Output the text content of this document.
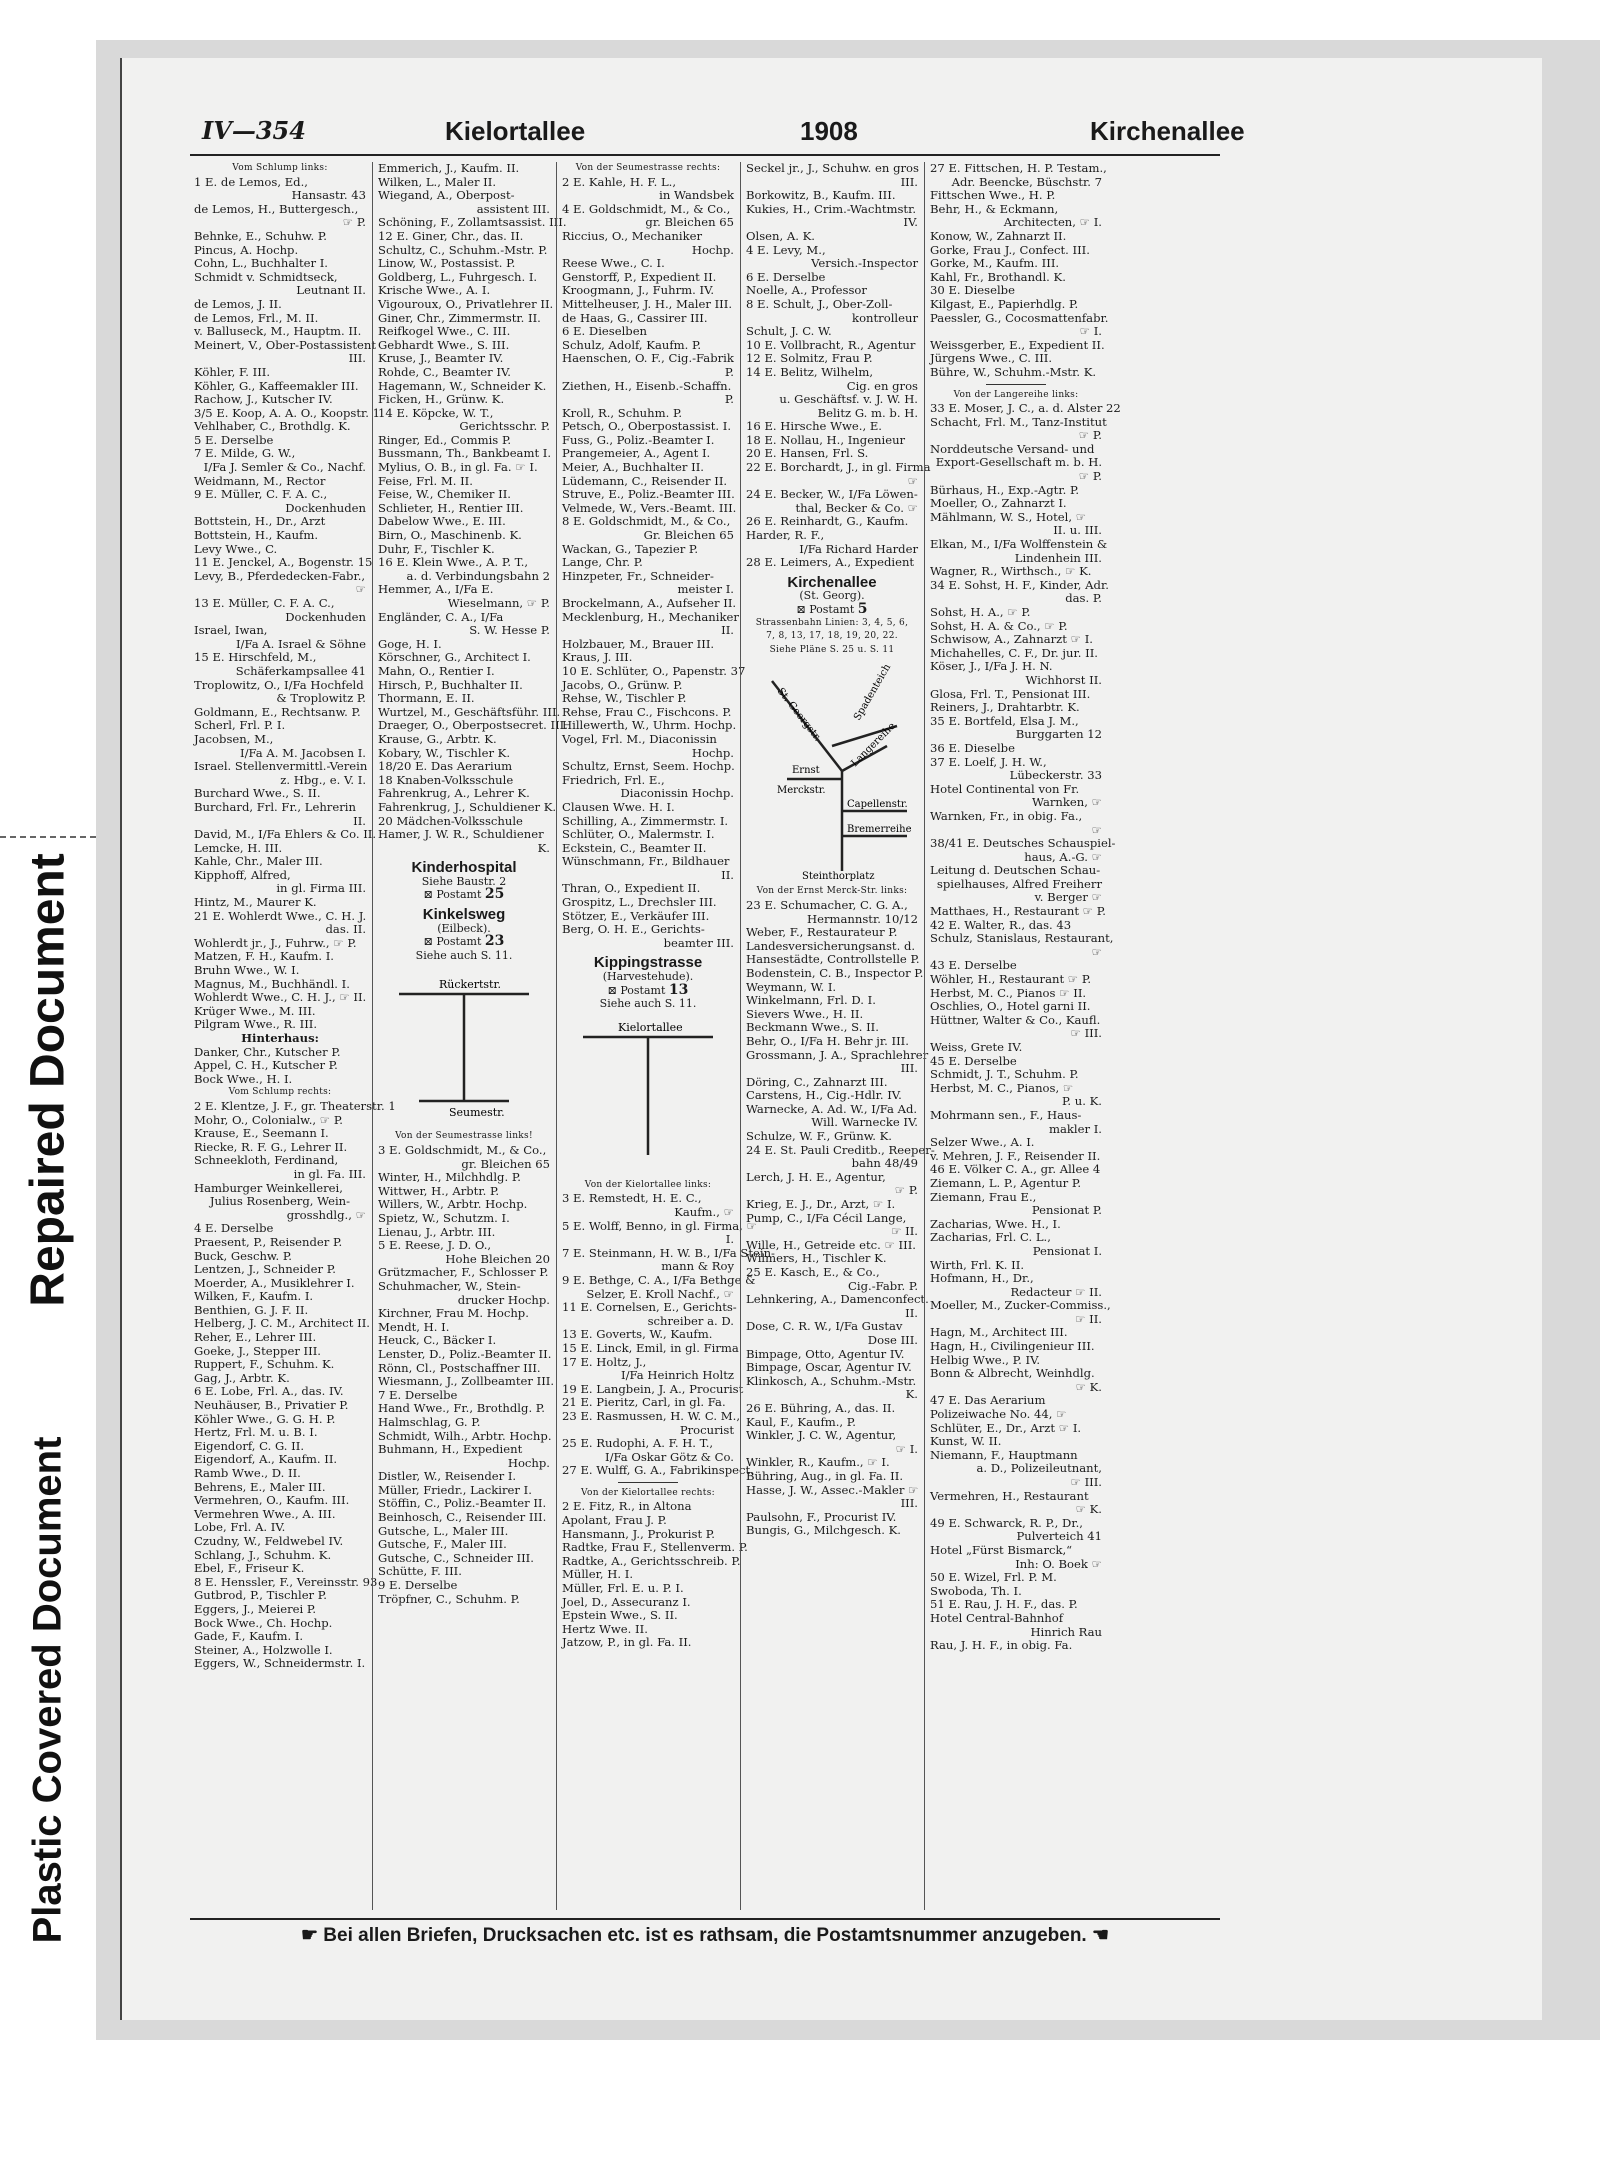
Repaired Document
Plastic Covered Document
IV—354	Kielortallee	1908	Kirchenallee
Vom Schlump links:
1 E. de Lemos, Ed.,
Hansastr. 43
de Lemos, H., Buttergesch.,
☞ P.
Behnke, E., Schuhw. P.
Pincus, A. Hochp.
Cohn, L., Buchhalter I.
Schmidt v. Schmidtseck,
Leutnant II.
de Lemos, J. II.
de Lemos, Frl., M. II.
v. Balluseck, M., Hauptm. II.
Meinert, V., Ober-Postassistent
III.
Köhler, F. III.
Köhler, G., Kaffeemakler III.
Rachow, J., Kutscher IV.
3/5 E. Koop, A. A. O., Koopstr. 1
Vehlhaber, C., Brothdlg. K.
5 E. Derselbe
7 E. Milde, G. W.,
I/Fa J. Semler & Co., Nachf.
Weidmann, M., Rector
9 E. Müller, C. F. A. C.,
Dockenhuden
Bottstein, H., Dr., Arzt
Bottstein, H., Kaufm.
Levy Wwe., C.
11 E. Jenckel, A., Bogenstr. 15
Levy, B., Pferdedecken-Fabr.,
☞
13 E. Müller, C. F. A. C.,
Dockenhuden
Israel, Iwan,
I/Fa A. Israel & Söhne
15 E. Hirschfeld, M.,
Schäferkampsallee 41
Troplowitz, O., I/Fa Hochfeld
& Troplowitz P.
Goldmann, E., Rechtsanw. P.
Scherl, Frl. P. I.
Jacobsen, M.,
I/Fa A. M. Jacobsen I.
Israel. Stellenvermittl.-Verein
z. Hbg., e. V. I.
Burchard Wwe., S. II.
Burchard, Frl. Fr., Lehrerin
II.
David, M., I/Fa Ehlers & Co. II.
Lemcke, H. III.
Kahle, Chr., Maler III.
Kipphoff, Alfred,
in gl. Firma III.
Hintz, M., Maurer K.
21 E. Wohlerdt Wwe., C. H. J.
das. II.
Wohlerdt jr., J., Fuhrw., ☞ P.
Matzen, F. H., Kaufm. I.
Bruhn Wwe., W. I.
Magnus, M., Buchhändl. I.
Wohlerdt Wwe., C. H. J., ☞ II.
Krüger Wwe., M. III.
Pilgram Wwe., R. III.
Hinterhaus:
Danker, Chr., Kutscher P.
Appel, C. H., Kutscher P.
Bock Wwe., H. I.
Vom Schlump rechts:
2 E. Klentze, J. F., gr. Theaterstr. 1
Mohr, O., Colonialw., ☞ P.
Krause, E., Seemann I.
Riecke, R. F. G., Lehrer II.
Schneekloth, Ferdinand,
in gl. Fa. III.
Hamburger Weinkellerei,
Julius Rosenberg, Wein-
grosshdlg., ☞
4 E. Derselbe
Praesent, P., Reisender P.
Buck, Geschw. P.
Lentzen, J., Schneider P.
Moerder, A., Musiklehrer I.
Wilken, F., Kaufm. I.
Benthien, G. J. F. II.
Helberg, J. C. M., Architect II.
Reher, E., Lehrer III.
Goeke, J., Stepper III.
Ruppert, F., Schuhm. K.
Gag, J., Arbtr. K.
6 E. Lobe, Frl. A., das. IV.
Neuhäuser, B., Privatier P.
Köhler Wwe., G. G. H. P.
Hertz, Frl. M. u. B. I.
Eigendorf, C. G. II.
Eigendorf, A., Kaufm. II.
Ramb Wwe., D. II.
Behrens, E., Maler III.
Vermehren, O., Kaufm. III.
Vermehren Wwe., A. III.
Lobe, Frl. A. IV.
Czudny, W., Feldwebel IV.
Schlang, J., Schuhm. K.
Ebel, F., Friseur K.
8 E. Henssler, F., Vereinsstr. 93
Gutbrod, P., Tischler P.
Eggers, J., Meierei P.
Bock Wwe., Ch. Hochp.
Gade, F., Kaufm. I.
Steiner, A., Holzwolle I.
Eggers, W., Schneidermstr. I.
Emmerich, J., Kaufm. II.
Wilken, L., Maler II.
Wiegand, A., Oberpost-
assistent III.
Schöning, F., Zollamtsassist. III.
12 E. Giner, Chr., das. II.
Schultz, C., Schuhm.-Mstr. P.
Linow, W., Postassist. P.
Goldberg, L., Fuhrgesch. I.
Krische Wwe., A. I.
Vigouroux, O., Privatlehrer II.
Giner, Chr., Zimmermstr. II.
Reifkogel Wwe., C. III.
Gebhardt Wwe., S. III.
Kruse, J., Beamter IV.
Rohde, C., Beamter IV.
Hagemann, W., Schneider K.
Ficken, H., Grünw. K.
14 E. Köpcke, W. T.,
Gerichtsschr. P.
Ringer, Ed., Commis P.
Bussmann, Th., Bankbeamt I.
Mylius, O. B., in gl. Fa. ☞ I.
Feise, Frl. M. II.
Feise, W., Chemiker II.
Schlieter, H., Rentier III.
Dabelow Wwe., E. III.
Birn, O., Maschinenb. K.
Duhr, F., Tischler K.
16 E. Klein Wwe., A. P. T.,
a. d. Verbindungsbahn 2
Hemmer, A., I/Fa E.
Wieselmann, ☞ P.
Engländer, C. A., I/Fa
S. W. Hesse P.
Goge, H. I.
Körschner, G., Architect I.
Mahn, O., Rentier I.
Hirsch, P., Buchhalter II.
Thormann, E. II.
Wurtzel, M., Geschäftsführ. III.
Draeger, O., Oberpostsecret. III.
Krause, G., Arbtr. K.
Kobary, W., Tischler K.
18/20 E. Das Aerarium
18 Knaben-Volksschule
Fahrenkrug, A., Lehrer K.
Fahrenkrug, J., Schuldiener K.
20 Mädchen-Volksschule
Hamer, J. W. R., Schuldiener
K.
Kinderhospital
Siehe Baustr. 2
⊠ Postamt 25
Kinkelsweg
(Eilbeck).
⊠ Postamt 23
Siehe auch S. 11.
Rückertstr.
Seumestr.
Von der Seumestrasse links!
3 E. Goldschmidt, M., & Co.,
gr. Bleichen 65
Winter, H., Milchhdlg. P.
Wittwer, H., Arbtr. P.
Willers, W., Arbtr. Hochp.
Spietz, W., Schutzm. I.
Lienau, J., Arbtr. III.
5 E. Reese, J. D. O.,
Hohe Bleichen 20
Grützmacher, F., Schlosser P.
Schuhmacher, W., Stein-
drucker Hochp.
Kirchner, Frau M. Hochp.
Mendt, H. I.
Heuck, C., Bäcker I.
Lenster, D., Poliz.-Beamter II.
Rönn, Cl., Postschaffner III.
Wiesmann, J., Zollbeamter III.
7 E. Derselbe
Hand Wwe., Fr., Brothdlg. P.
Halmschlag, G. P.
Schmidt, Wilh., Arbtr. Hochp.
Buhmann, H., Expedient
Hochp.
Distler, W., Reisender I.
Müller, Friedr., Lackirer I.
Stöffin, C., Poliz.-Beamter II.
Beinhosch, C., Reisender III.
Gutsche, L., Maler III.
Gutsche, F., Maler III.
Gutsche, C., Schneider III.
Schütte, F. III.
9 E. Derselbe
Tröpfner, C., Schuhm. P.
Von der Seumestrasse rechts:
2 E. Kahle, H. F. L.,
in Wandsbek
4 E. Goldschmidt, M., & Co.,
gr. Bleichen 65
Riccius, O., Mechaniker
Hochp.
Reese Wwe., C. I.
Genstorff, P., Expedient II.
Kroogmann, J., Fuhrm. IV.
Mittelheuser, J. H., Maler III.
de Haas, G., Cassirer III.
6 E. Dieselben
Schulz, Adolf, Kaufm. P.
Haenschen, O. F., Cig.-Fabrik
P.
Ziethen, H., Eisenb.-Schaffn.
P.
Kroll, R., Schuhm. P.
Petsch, O., Oberpostassist. I.
Fuss, G., Poliz.-Beamter I.
Prangemeier, A., Agent I.
Meier, A., Buchhalter II.
Lüdemann, C., Reisender II.
Struve, E., Poliz.-Beamter III.
Velmede, W., Vers.-Beamt. III.
8 E. Goldschmidt, M., & Co.,
Gr. Bleichen 65
Wackan, G., Tapezier P.
Lange, Chr. P.
Hinzpeter, Fr., Schneider-
meister I.
Brockelmann, A., Aufseher II.
Mecklenburg, H., Mechaniker
II.
Holzbauer, M., Brauer III.
Kraus, J. III.
10 E. Schlüter, O., Papenstr. 37
Jacobs, O., Grünw. P.
Rehse, W., Tischler P.
Rehse, Frau C., Fischcons. P.
Hillewerth, W., Uhrm. Hochp.
Vogel, Frl. M., Diaconissin
Hochp.
Schultz, Ernst, Seem. Hochp.
Friedrich, Frl. E.,
Diaconissin Hochp.
Clausen Wwe. H. I.
Schilling, A., Zimmermstr. I.
Schlüter, O., Malermstr. I.
Eckstein, C., Beamter II.
Wünschmann, Fr., Bildhauer
II.
Thran, O., Expedient II.
Grospitz, L., Drechsler III.
Stötzer, E., Verkäufer III.
Berg, O. H. E., Gerichts-
beamter III.
Kippingstrasse
(Harvestehude).
⊠ Postamt 13
Siehe auch S. 11.
Kielortallee
Von der Kielortallee links:
3 E. Remstedt, H. E. C.,
Kaufm., ☞
5 E. Wolff, Benno, in gl. Firma, ☞
I.
7 E. Steinmann, H. W. B., I/Fa Stein-
mann & Roy
9 E. Bethge, C. A., I/Fa Bethge &
Selzer, E. Kroll Nachf., ☞
11 E. Cornelsen, E., Gerichts-
schreiber a. D.
13 E. Goverts, W., Kaufm.
15 E. Linck, Emil, in gl. Firma
17 E. Holtz, J.,
I/Fa Heinrich Holtz
19 E. Langbein, J. A., Procurist
21 E. Pieritz, Carl, in gl. Fa.
23 E. Rasmussen, H. W. C. M.,
Procurist
25 E. Rudophi, A. F. H. T.,
I/Fa Oskar Götz & Co.
27 E. Wulff, G. A., Fabrikinspect.
Von der Kielortallee rechts:
2 E. Fitz, R., in Altona
Apolant, Frau J. P.
Hansmann, J., Prokurist P.
Radtke, Frau F., Stellenverm. P.
Radtke, A., Gerichtsschreib. P.
Müller, H. I.
Müller, Frl. E. u. P. I.
Joel, D., Assecuranz I.
Epstein Wwe., S. II.
Hertz Wwe. II.
Jatzow, P., in gl. Fa. II.
Seckel jr., J., Schuhw. en gros
III.
Borkowitz, B., Kaufm. III.
Kukies, H., Crim.-Wachtmstr.
IV.
Olsen, A. K.
4 E. Levy, M.,
Versich.-Inspector
6 E. Derselbe
Noelle, A., Professor
8 E. Schult, J., Ober-Zoll-
kontrolleur
Schult, J. C. W.
10 E. Vollbracht, R., Agentur
12 E. Solmitz, Frau P.
14 E. Belitz, Wilhelm,
Cig. en gros
u. Geschäftsf. v. J. W. H.
Belitz G. m. b. H.
16 E. Hirsche Wwe., E.
18 E. Nollau, H., Ingenieur
20 E. Hansen, Frl. S.
22 E. Borchardt, J., in gl. Firma
☞
24 E. Becker, W., I/Fa Löwen-
thal, Becker & Co. ☞
26 E. Reinhardt, G., Kaufm.
Harder, R. F.,
I/Fa Richard Harder
28 E. Leimers, A., Expedient
Kirchenallee
(St. Georg).
⊠ Postamt 5
Strassenbahn Linien: 3, 4, 5, 6,
7, 8, 13, 17, 18, 19, 20, 22.
Siehe Pläne S. 25 u. S. 11
St. Georgstr.	Spadenteich
Langereihe
Ernst
Merckstr.
Capellenstr.
Bremerreihe
Steinthorplatz
Von der Ernst Merck-Str. links:
23 E. Schumacher, C. G. A.,
Hermannstr. 10/12
Weber, F., Restaurateur P.
Landesversicherungsanst. d.
Hansestädte, Controllstelle P.
Bodenstein, C. B., Inspector P.
Weymann, W. I.
Winkelmann, Frl. D. I.
Sievers Wwe., H. II.
Beckmann Wwe., S. II.
Behr, O., I/Fa H. Behr jr. III.
Grossmann, J. A., Sprachlehrer
III.
Döring, C., Zahnarzt III.
Carstens, H., Cig.-Hdlr. IV.
Warnecke, A. Ad. W., I/Fa Ad.
Will. Warnecke IV.
Schulze, W. F., Grünw. K.
24 E. St. Pauli Creditb., Reeper-
bahn 48/49
Lerch, J. H. E., Agentur,
☞ P.
Krieg, E. J., Dr., Arzt, ☞ I.
Pump, C., I/Fa Cécil Lange,
☞ II.
Wille, H., Getreide etc. ☞ III.
Wilmers, H., Tischler K.
25 E. Kasch, E., & Co.,
Cig.-Fabr. P.
Lehnkering, A., Damenconfect.
II.
Dose, C. R. W., I/Fa Gustav
Dose III.
Bimpage, Otto, Agentur IV.
Bimpage, Oscar, Agentur IV.
Klinkosch, A., Schuhm.-Mstr.
K.
26 E. Bühring, A., das. II.
Kaul, F., Kaufm., P.
Winkler, J. C. W., Agentur,
☞ I.
Winkler, R., Kaufm., ☞ I.
Bühring, Aug., in gl. Fa. II.
Hasse, J. W., Assec.-Makler ☞
III.
Paulsohn, F., Procurist IV.
Bungis, G., Milchgesch. K.
27 E. Fittschen, H. P. Testam.,
Adr. Beencke, Büschstr. 7
Fittschen Wwe., H. P.
Behr, H., & Eckmann,
Architecten, ☞ I.
Konow, W., Zahnarzt II.
Gorke, Frau J., Confect. III.
Gorke, M., Kaufm. III.
Kahl, Fr., Brothandl. K.
30 E. Dieselbe
Kilgast, E., Papierhdlg. P.
Paessler, G., Cocosmattenfabr.
☞ I.
Weissgerber, E., Expedient II.
Jürgens Wwe., C. III.
Bühre, W., Schuhm.-Mstr. K.
Von der Langereihe links:
33 E. Moser, J. C., a. d. Alster 22
Schacht, Frl. M., Tanz-Institut
☞ P.
Norddeutsche Versand- und
Export-Gesellschaft m. b. H.
☞ P.
Bürhaus, H., Exp.-Agtr. P.
Moeller, O., Zahnarzt I.
Mählmann, W. S., Hotel, ☞
II. u. III.
Elkan, M., I/Fa Wolffenstein &
Lindenhein III.
Wagner, R., Wirthsch., ☞ K.
34 E. Sohst, H. F., Kinder, Adr.
das. P.
Sohst, H. A., ☞ P.
Sohst, H. A. & Co., ☞ P.
Schwisow, A., Zahnarzt ☞ I.
Michahelles, C. F., Dr. jur. II.
Köser, J., I/Fa J. H. N.
Wichhorst II.
Glosa, Frl. T., Pensionat III.
Reiners, J., Drahtarbtr. K.
35 E. Bortfeld, Elsa J. M.,
Burggarten 12
36 E. Dieselbe
37 E. Loelf, J. H. W.,
Lübeckerstr. 33
Hotel Continental von Fr.
Warnken, ☞
Warnken, Fr., in obig. Fa.,
☞
38/41 E. Deutsches Schauspiel-
haus, A.-G. ☞
Leitung d. Deutschen Schau-
spielhauses, Alfred Freiherr
v. Berger ☞
Matthaes, H., Restaurant ☞ P.
42 E. Walter, R., das. 43
Schulz, Stanislaus, Restaurant,
☞
43 E. Derselbe
Wöhler, H., Restaurant ☞ P.
Herbst, M. C., Pianos ☞ II.
Oschlies, O., Hotel garni II.
Hüttner, Walter & Co., Kaufl.
☞ III.
Weiss, Grete IV.
45 E. Derselbe
Schmidt, J. T., Schuhm. P.
Herbst, M. C., Pianos, ☞
P. u. K.
Mohrmann sen., F., Haus-
makler I.
Selzer Wwe., A. I.
v. Mehren, J. F., Reisender II.
46 E. Völker C. A., gr. Allee 4
Ziemann, L. P., Agentur P.
Ziemann, Frau E.,
Pensionat P.
Zacharias, Wwe. H., I.
Zacharias, Frl. C. L.,
Pensionat I.
Wirth, Frl. K. II.
Hofmann, H., Dr.,
Redacteur ☞ II.
Moeller, M., Zucker-Commiss.,
☞ II.
Hagn, M., Architect III.
Hagn, H., Civilingenieur III.
Helbig Wwe., P. IV.
Bonn & Albrecht, Weinhdlg.
☞ K.
47 E. Das Aerarium
Polizeiwache No. 44, ☞
Schlüter, E., Dr., Arzt ☞ I.
Kunst, W. II.
Niemann, F., Hauptmann
a. D., Polizeileutnant,
☞ III.
Vermehren, H., Restaurant
☞ K.
49 E. Schwarck, R. P., Dr.,
Pulverteich 41
Hotel „Fürst Bismarck,“
Inh: O. Boek ☞
50 E. Wizel, Frl. P. M.
Swoboda, Th. I.
51 E. Rau, J. H. F., das. P.
Hotel Central-Bahnhof
Hinrich Rau
Rau, J. H. F., in obig. Fa.
☛ Bei allen Briefen, Drucksachen etc. ist es rathsam, die Postamtsnummer anzugeben. ☚
